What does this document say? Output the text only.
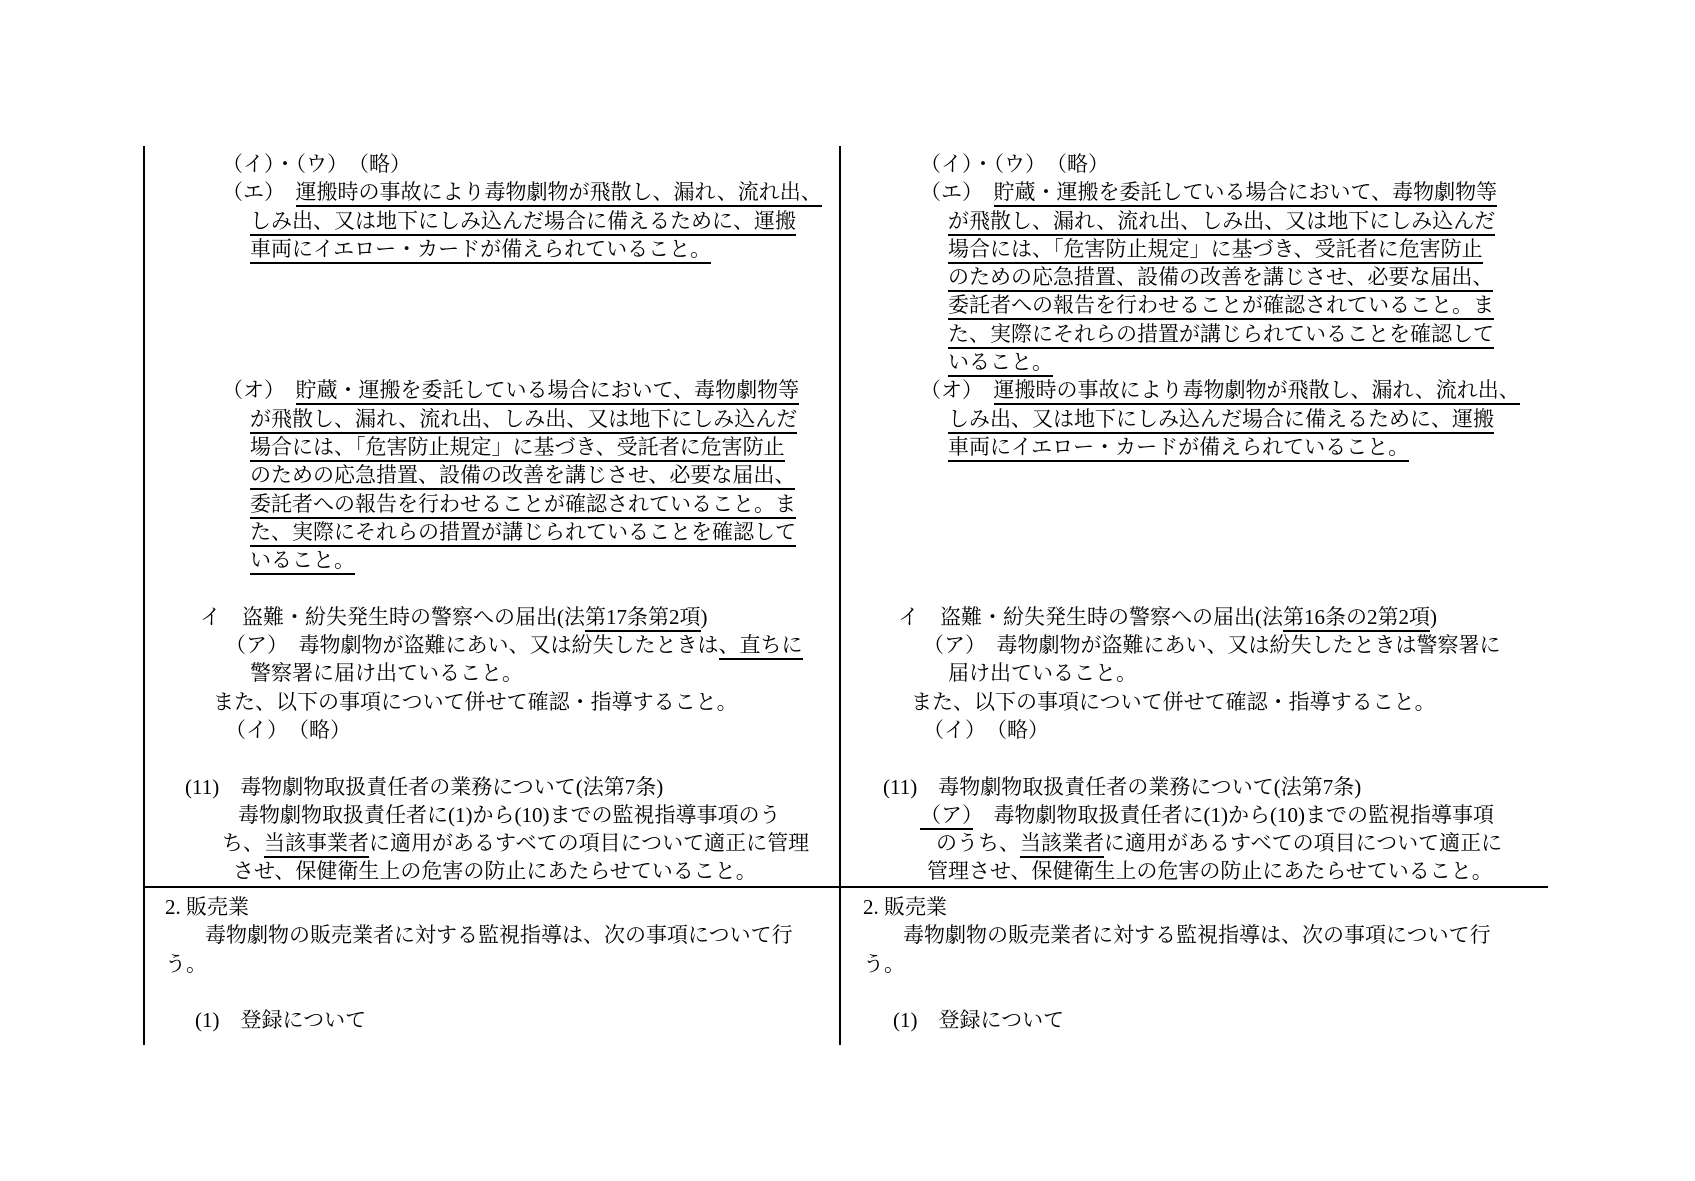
（イ）・（ウ）　（略）
（エ）　運搬時の事故により毒物劇物が飛散し、漏れ、流れ出、
しみ出、又は地下にしみ込んだ場合に備えるために、運搬
車両にイエロー・カードが備えられていること。
（オ）　貯蔵・運搬を委託している場合において、毒物劇物等
が飛散し、漏れ、流れ出、しみ出、又は地下にしみ込んだ
場合には、「危害防止規定」に基づき、受託者に危害防止
のための応急措置、設備の改善を講じさせ、必要な届出、
委託者への報告を行わせることが確認されていること。ま
た、実際にそれらの措置が講じられていることを確認して
いること。
イ　盗難・紛失発生時の警察への届出(法第17条第2項)
（ア）　毒物劇物が盗難にあい、又は紛失したときは、直ちに
警察署に届け出ていること。
また、以下の事項について併せて確認・指導すること。
（イ）　（略）
(11)　毒物劇物取扱責任者の業務について(法第7条)
毒物劇物取扱責任者に(1)から(10)までの監視指導事項のう
ち、当該事業者に適用があるすべての項目について適正に管理
させ、保健衛生上の危害の防止にあたらせていること。
（イ）・（ウ）　（略）
（エ）　貯蔵・運搬を委託している場合において、毒物劇物等
が飛散し、漏れ、流れ出、しみ出、又は地下にしみ込んだ
場合には、「危害防止規定」に基づき、受託者に危害防止
のための応急措置、設備の改善を講じさせ、必要な届出、
委託者への報告を行わせることが確認されていること。ま
た、実際にそれらの措置が講じられていることを確認して
いること。
（オ）　運搬時の事故により毒物劇物が飛散し、漏れ、流れ出、
しみ出、又は地下にしみ込んだ場合に備えるために、運搬
車両にイエロー・カードが備えられていること。
イ　盗難・紛失発生時の警察への届出(法第16条の2第2項)
（ア）　毒物劇物が盗難にあい、又は紛失したときは警察署に
届け出ていること。
また、以下の事項について併せて確認・指導すること。
（イ）　（略）
(11)　毒物劇物取扱責任者の業務について(法第7条)
（ア）　毒物劇物取扱責任者に(1)から(10)までの監視指導事項
のうち、当該業者に適用があるすべての項目について適正に
管理させ、保健衛生上の危害の防止にあたらせていること。
2. 販売業
毒物劇物の販売業者に対する監視指導は、次の事項について行
う。
(1)　登録について
2. 販売業
毒物劇物の販売業者に対する監視指導は、次の事項について行
う。
(1)　登録について
